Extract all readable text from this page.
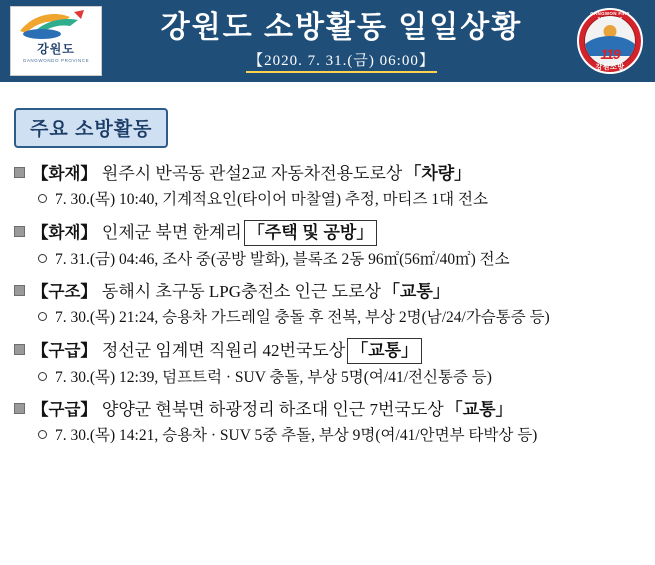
강원도
GANGWONDO PROVINCE
강원도 소방활동 일일상황
【2020. 7. 31.(금) 06:00】
GANGWON FIRE SERVICES
119
강원소방
주요 소방활동
【화재】 원주시 반곡동 관설2교 자동차전용도로상 「차량」
7. 30.(목) 10:40, 기계적요인(타이어 마찰열) 추정, 마티즈 1대 전소
【화재】 인제군 북면 한계리 「주택 및 공방」
7. 31.(금) 04:46, 조사 중(공방 발화), 블록조 2동 96㎡(56㎡/40㎡) 전소
【구조】 동해시 초구동 LPG충전소 인근 도로상 「교통」
7. 30.(목) 21:24, 승용차 가드레일 충돌 후 전복, 부상 2명(남/24/가슴통증 등)
【구급】 정선군 임계면 직원리 42번국도상 「교통」
7. 30.(목) 12:39, 덤프트럭 · SUV 충돌, 부상 5명(여/41/전신통증 등)
【구급】 양양군 현북면 하광정리 하조대 인근 7번국도상 「교통」
7. 30.(목) 14:21, 승용차 · SUV 5중 추돌, 부상 9명(여/41/안면부 타박상 등)
